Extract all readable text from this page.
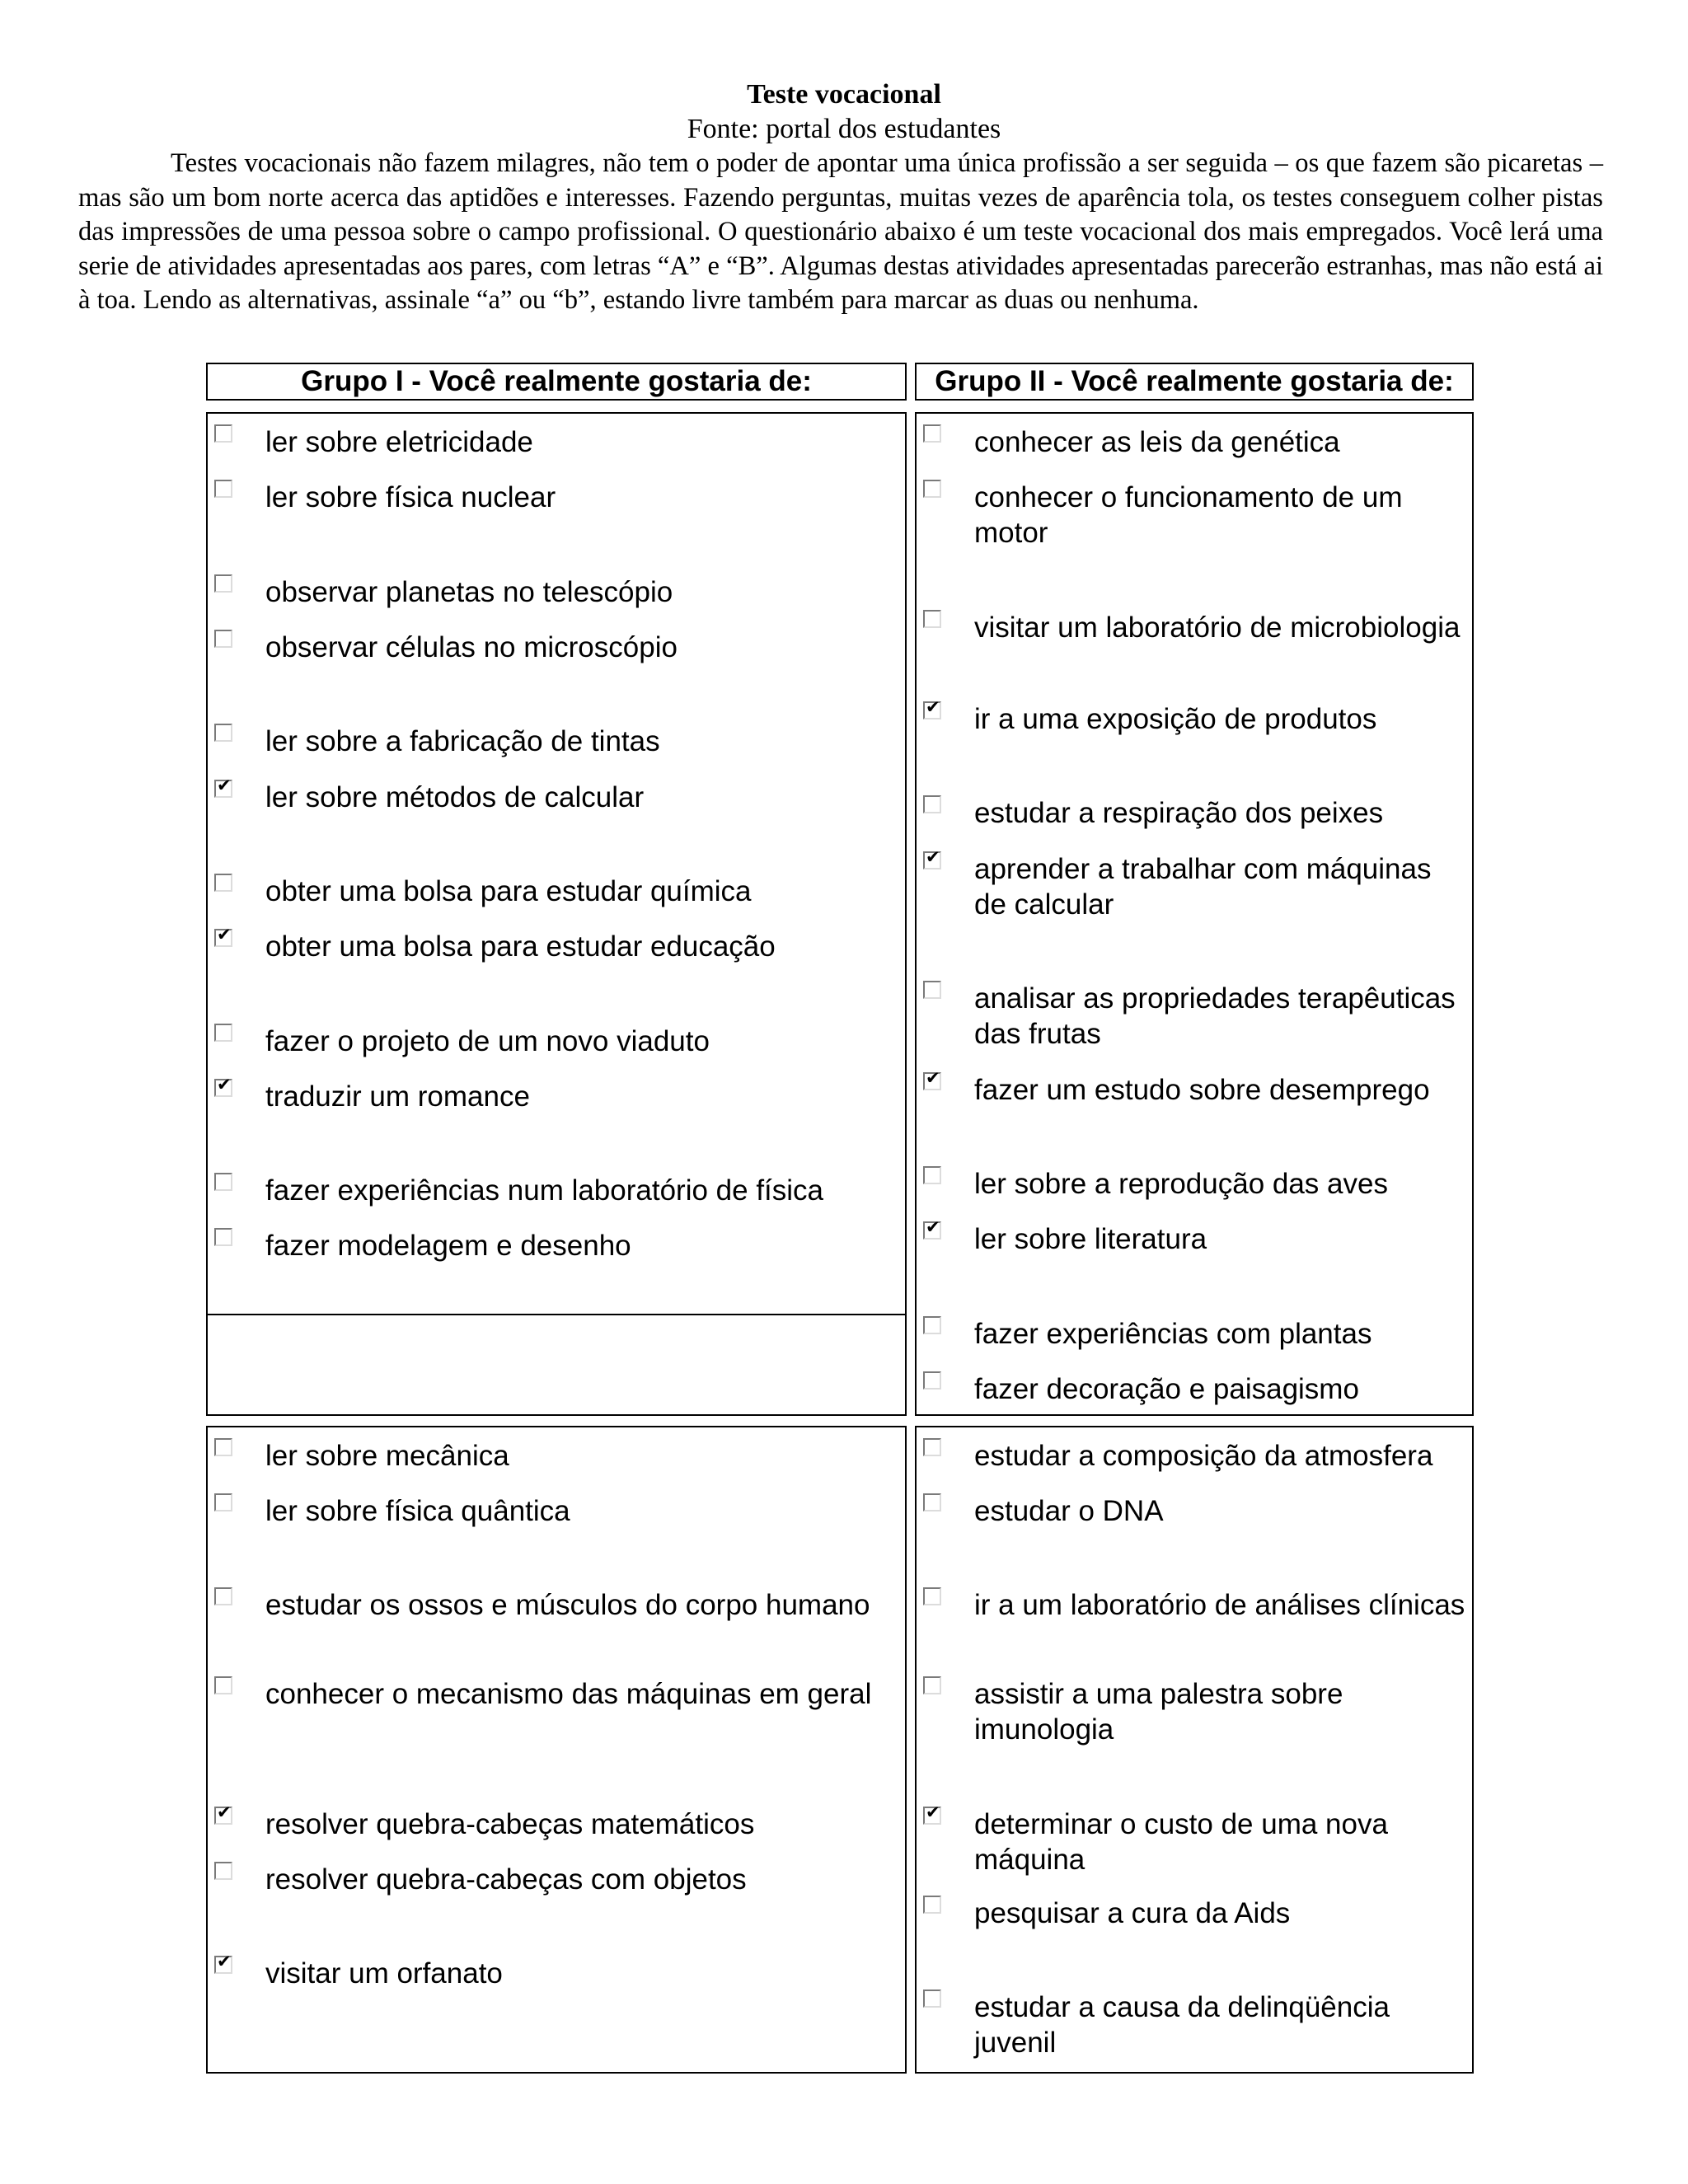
Teste vocacional
Fonte: portal dos estudantes

Testes vocacionais não fazem milagres, não tem o poder de apontar uma única profissão a ser seguida – os que fazem são picaretas – mas são um bom norte acerca das aptidões e interesses. Fazendo perguntas, muitas vezes de aparência tola, os testes conseguem colher pistas das impressões de uma pessoa sobre o campo profissional. O questionário abaixo é um teste vocacional dos mais empregados. Você lerá uma serie de atividades apresentadas aos pares, com letras “A” e “B”. Algumas destas atividades apresentadas parecerão estranhas, mas não está ai à toa. Lendo as alternativas, assinale “a” ou “b”, estando livre também para marcar as duas ou nenhuma.

Grupo I - Você realmente gostaria de:	Grupo II - Você realmente gostaria de:
ler sobre eletricidade
ler sobre física nuclear
observar planetas no telescópio
observar células no microscópio
ler sobre a fabricação de tintas
✔
ler sobre métodos de calcular
obter uma bolsa para estudar química
✔
obter uma bolsa para estudar educação
fazer o projeto de um novo viaduto
✔
traduzir um romance
fazer experiências num laboratório de física
fazer modelagem e desenho
conhecer as leis da genética
conhecer o funcionamento de um motor
visitar um laboratório de microbiologia
✔
ir a uma exposição de produtos
estudar a respiração dos peixes
✔
aprender a trabalhar com máquinas de calcular
analisar as propriedades terapêuticas das frutas
✔
fazer um estudo sobre desemprego
ler sobre a reprodução das aves
✔
ler sobre literatura
fazer experiências com plantas
fazer decoração e paisagismo
ler sobre mecânica
ler sobre física quântica
estudar os ossos e músculos do corpo humano
conhecer o mecanismo das máquinas em geral
✔
resolver quebra-cabeças matemáticos
resolver quebra-cabeças com objetos
✔
visitar um orfanato
estudar a composição da atmosfera
estudar o DNA
ir a um laboratório de análises clínicas
assistir a uma palestra sobre imunologia
✔
determinar o custo de uma nova máquina
pesquisar a cura da Aids
estudar a causa da delinqüência juvenil
